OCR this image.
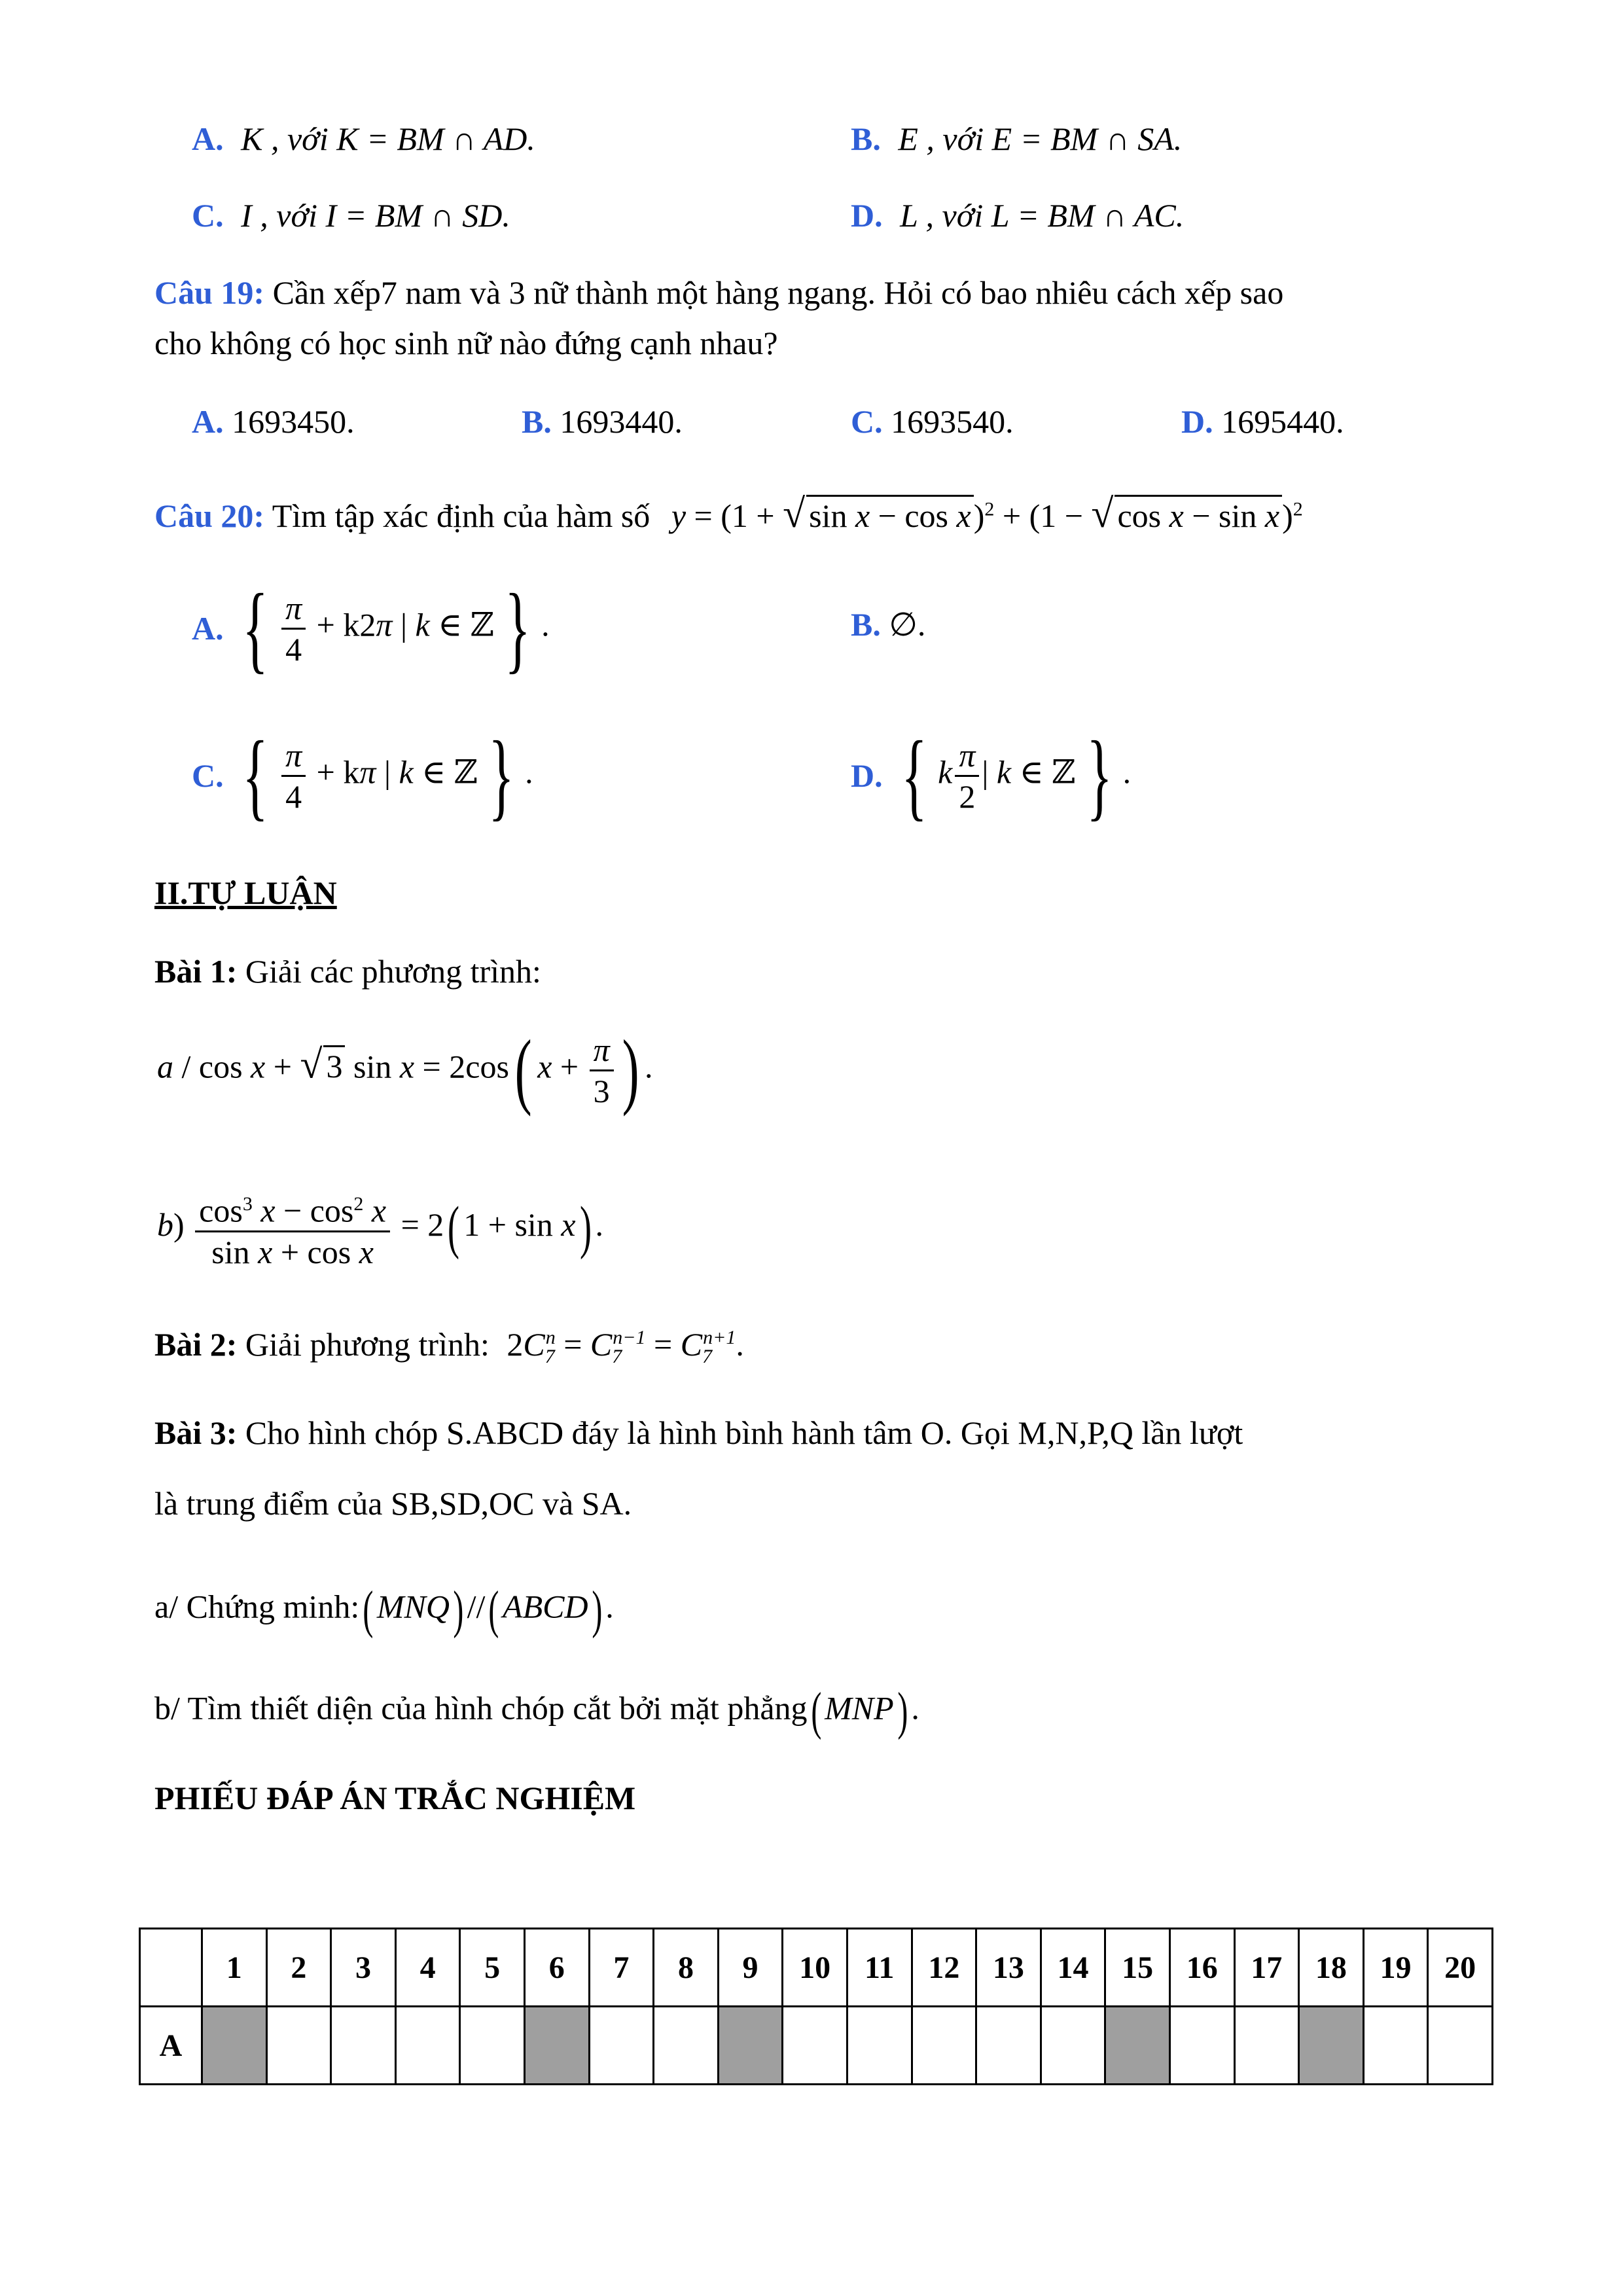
A. K , với K = BM ∩ AD.	B. E , với E = BM ∩ SA.
C. I , với I = BM ∩ SD.	D. L , với L = BM ∩ AC.
Câu 19: Cần xếp7 nam và 3 nữ thành một hàng ngang. Hỏi có bao nhiêu cách xếp sao
cho không có học sinh nữ nào đứng cạnh nhau?
A. 1693450.	B. 1693440.	C. 1693540.	D. 1695440.
Câu 20: Tìm tập xác định của hàm số y = (1 + √ sin x − cos x)$^2$ + (1 − √ cos x − sin x)$^2$
A. { $\frac{\pi}{4} + k2\pi$ | k ∈ ℤ } .	B. ∅.
C. { $\frac{\pi}{4} + k\pi$ | k ∈ ℤ } .	D. { k $\frac{\pi}{2}$ | k ∈ ℤ } .
II.TỰ LUẬN
Bài 1: Giải các phương trình:
a / cos x + √ 3 sin x = 2cos( $x + \frac{\pi}{3}$ ) .
$b) \frac{\cos^3 x - \cos^2 x}{\text{sin x + cos x}} = 2$( 1 + sin x) .
Bài 2: Giải phương trình: $2C_7^n = C_7^{n-1} = C_7^{n+1}$.
Bài 3: Cho hình chóp S.ABCD đáy là hình bình hành tâm O. Gọi M,N,P,Q lần lượt
là trung điểm của SB,SD,OC và SA.
a/ Chứng minh:( MNQ) //( ABCD) .
b/ Tìm thiết diện của hình chóp cắt bởi mặt phẳng( MNP) .
PHIẾU ĐÁP ÁN TRẮC NGHIỆM
	1	2	3	4	5	6	7	8	9	10	11	12	13	14	15	16	17	18	19	20
A																				
